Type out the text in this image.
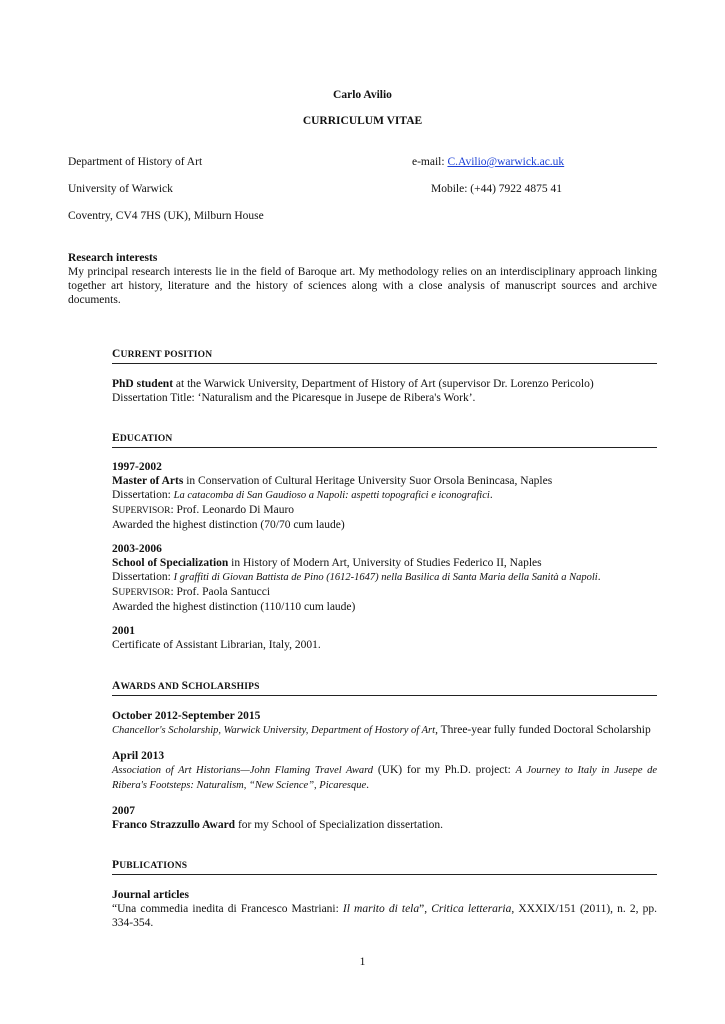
Carlo Avilio
CURRICULUM VITAE
Department of History of Art	e-mail: C.Avilio@warwick.ac.uk
University of Warwick	Mobile: (+44) 7922 4875 41
Coventry, CV4 7HS (UK), Milburn House
Research interests
My principal research interests lie in the field of Baroque art. My methodology relies on an interdisciplinary approach linking together art history, literature and the history of sciences along with a close analysis of manuscript sources and archive documents.
CURRENT POSITION
PhD student at the Warwick University, Department of History of Art (supervisor Dr. Lorenzo Pericolo)
Dissertation Title: ‘Naturalism and the Picaresque in Jusepe de Ribera's Work’.
EDUCATION
1997-2002
Master of Arts in Conservation of Cultural Heritage University Suor Orsola Benincasa, Naples
Dissertation: La catacomba di San Gaudioso a Napoli: aspetti topografici e iconografici.
SUPERVISOR: Prof. Leonardo Di Mauro
Awarded the highest distinction (70/70 cum laude)
2003-2006
School of Specialization in History of Modern Art, University of Studies Federico II, Naples
Dissertation: I graffiti di Giovan Battista de Pino (1612-1647) nella Basilica di Santa Maria della Sanità a Napoli.
SUPERVISOR: Prof. Paola Santucci
Awarded the highest distinction (110/110 cum laude)
2001
Certificate of Assistant Librarian, Italy, 2001.
AWARDS AND SCHOLARSHIPS
October 2012-September 2015
Chancellor's Scholarship, Warwick University, Department of Hostory of Art, Three-year fully funded Doctoral Scholarship
April 2013
Association of Art Historians—John Flaming Travel Award (UK) for my Ph.D. project: A Journey to Italy in Jusepe de Ribera's Footsteps: Naturalism, “New Science”, Picaresque.
2007
Franco Strazzullo Award for my School of Specialization dissertation.
PUBLICATIONS
Journal articles
“Una commedia inedita di Francesco Mastriani: Il marito di tela”, Critica letteraria, XXXIX/151 (2011), n. 2, pp. 334-354.
1
